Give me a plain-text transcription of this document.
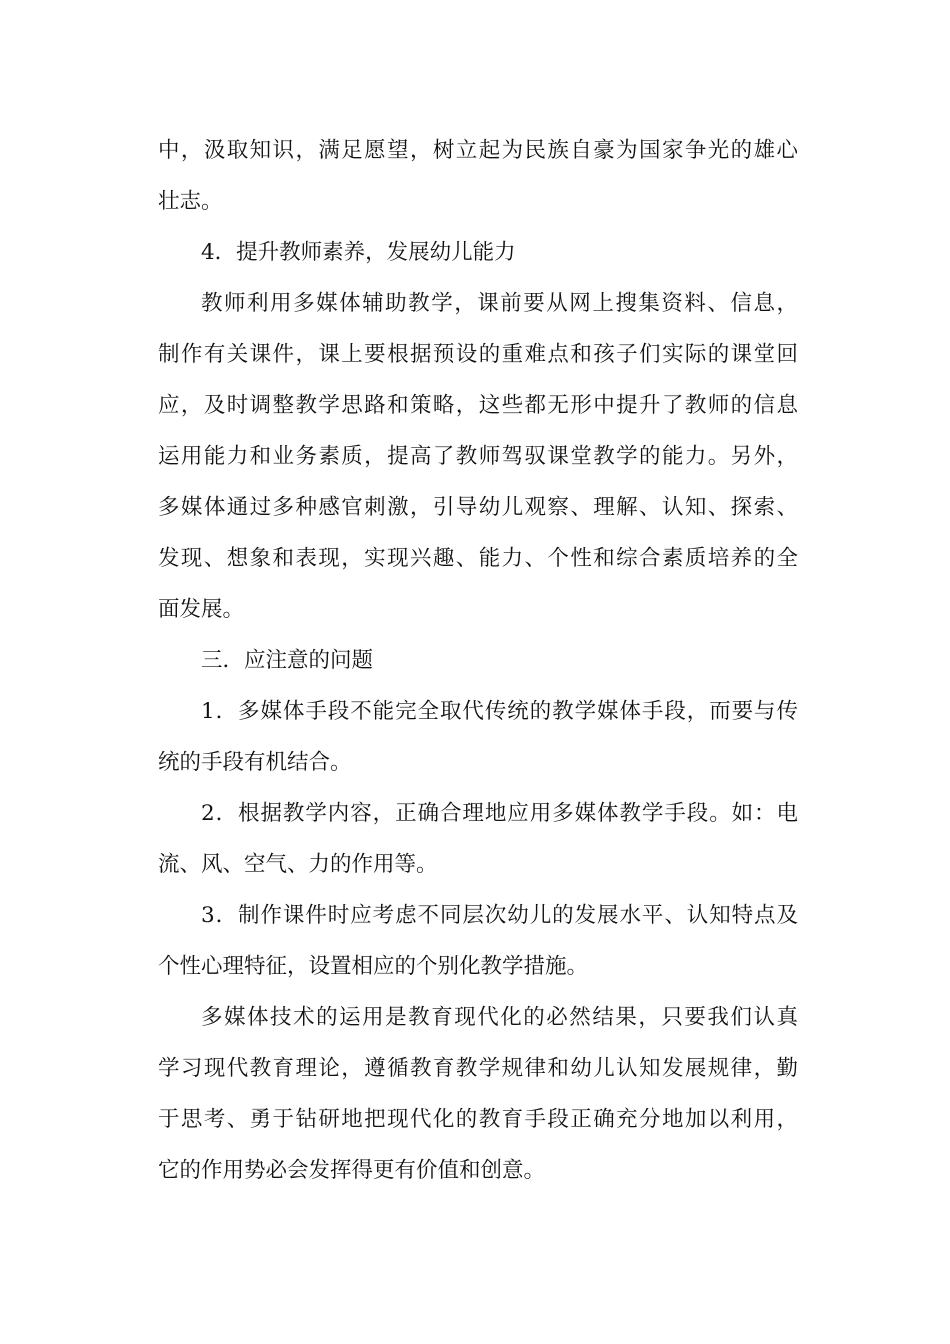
中，汲取知识，满足愿望，树立起为民族自豪为国家争光的雄心
壮志。
4．提升教师素养，发展幼儿能力
教师利用多媒体辅助教学，课前要从网上搜集资料、信息，
制作有关课件，课上要根据预设的重难点和孩子们实际的课堂回
应，及时调整教学思路和策略，这些都无形中提升了教师的信息
运用能力和业务素质，提高了教师驾驭课堂教学的能力。另外，
多媒体通过多种感官刺激，引导幼儿观察、理解、认知、探索、
发现、想象和表现，实现兴趣、能力、个性和综合素质培养的全
面发展。
三．应注意的问题
1．多媒体手段不能完全取代传统的教学媒体手段，而要与传
统的手段有机结合。
2．根据教学内容，正确合理地应用多媒体教学手段。如：电
流、风、空气、力的作用等。
3．制作课件时应考虑不同层次幼儿的发展水平、认知特点及
个性心理特征，设置相应的个别化教学措施。
多媒体技术的运用是教育现代化的必然结果，只要我们认真
学习现代教育理论，遵循教育教学规律和幼儿认知发展规律，勤
于思考、勇于钻研地把现代化的教育手段正确充分地加以利用，
它的作用势必会发挥得更有价值和创意。
